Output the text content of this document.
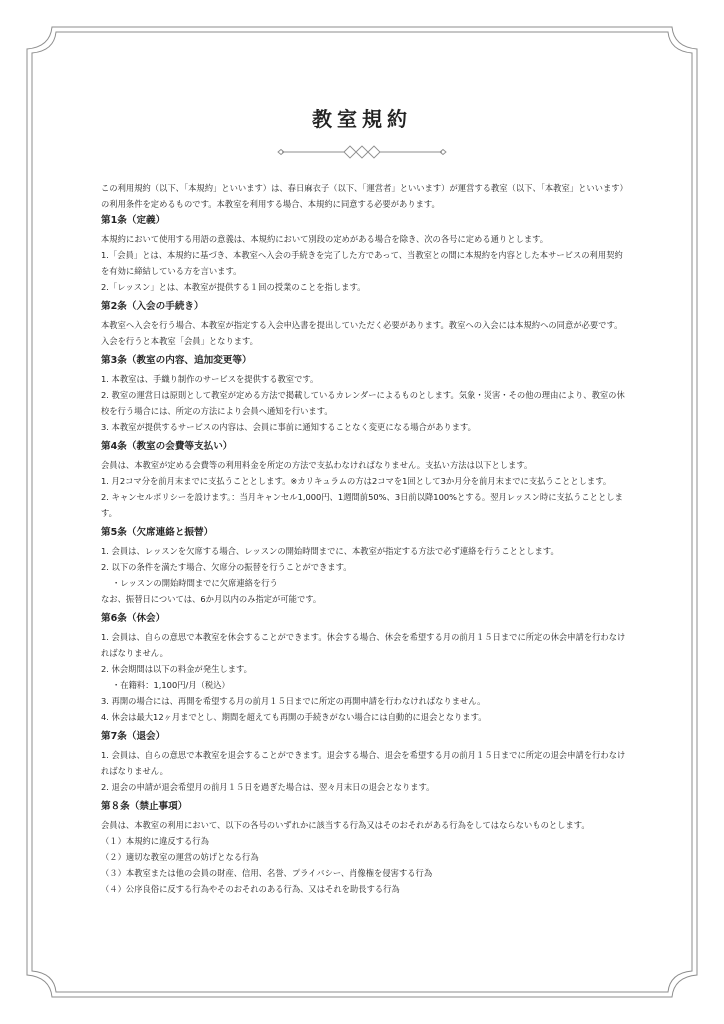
教室規約

この利用規約（以下、「本規約」といいます）は、春日麻衣子（以下、「運営者」といいます）が運営する教室（以下、「本教室」といいます）の利用条件を定めるものです。本教室を利用する場合、本規約に同意する必要があります。

第1条（定義）

本規約において使用する用語の意義は、本規約において別段の定めがある場合を除き、次の各号に定める通りとします。

1.「会員」とは、本規約に基づき、本教室へ入会の手続きを完了した方であって、当教室との間に本規約を内容とした本サービスの利用契約を有効に締結している方を言います。

2.「レッスン」とは、本教室が提供する１回の授業のことを指します。

第2条（入会の手続き）

本教室へ入会を行う場合、本教室が指定する入会申込書を提出していただく必要があります。教室への入会には本規約への同意が必要です。入会を行うと本教室「会員」となります。

第3条（教室の内容、追加変更等）

1. 本教室は、手織り制作のサービスを提供する教室です。

2. 教室の運営日は原則として教室が定める方法で掲載しているカレンダーによるものとします。気象・災害・その他の理由により、教室の休校を行う場合には、所定の方法により会員へ通知を行います。

3. 本教室が提供するサービスの内容は、会員に事前に通知することなく変更になる場合があります。

第4条（教室の会費等支払い）

会員は、本教室が定める会費等の利用料金を所定の方法で支払わなければなりません。支払い方法は以下とします。

1. 月2コマ分を前月末までに支払うこととします。※カリキュラムの方は2コマを1回として3か月分を前月末までに支払うこととします。

2. キャンセルポリシーを設けます。：当月キャンセル1,000円、1週間前50%、3日前以降100%とする。翌月レッスン時に支払うこととします。

第5条（欠席連絡と振替）

1. 会員は、レッスンを欠席する場合、レッスンの開始時間までに、本教室が指定する方法で必ず連絡を行うこととします。

2. 以下の条件を満たす場合、欠席分の振替を行うことができます。

・レッスンの開始時間までに欠席連絡を行う

なお、振替日については、6か月以内のみ指定が可能です。

第6条（休会）

1. 会員は、自らの意思で本教室を休会することができます。休会する場合、休会を希望する月の前月１５日までに所定の休会申請を行わなければなりません。

2. 休会期間は以下の料金が発生します。

・在籍料：1,100円/月（税込）

3. 再開の場合には、再開を希望する月の前月１５日までに所定の再開申請を行わなければなりません。

4. 休会は最大12ヶ月までとし、期間を超えても再開の手続きがない場合には自動的に退会となります。

第7条（退会）

1. 会員は、自らの意思で本教室を退会することができます。退会する場合、退会を希望する月の前月１５日までに所定の退会申請を行わなければなりません。

2. 退会の申請が退会希望月の前月１５日を過ぎた場合は、翌々月末日の退会となります。

第８条（禁止事項）

会員は、本教室の利用において、以下の各号のいずれかに該当する行為又はそのおそれがある行為をしてはならないものとします。

（１）本規約に違反する行為

（２）適切な教室の運営の妨げとなる行為

（３）本教室または他の会員の財産、信用、名誉、プライバシー、肖像権を侵害する行為

（４）公序良俗に反する行為やそのおそれのある行為、又はそれを助長する行為
